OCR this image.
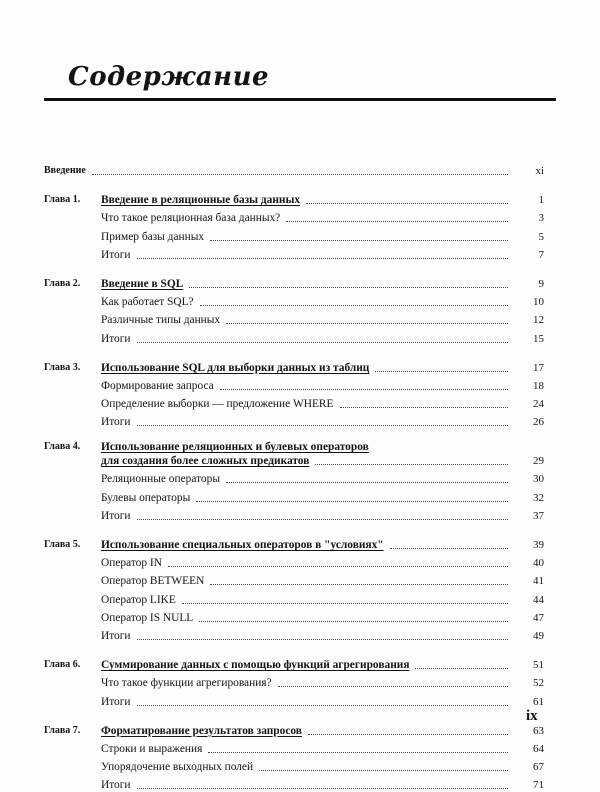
Содержание
Введение	xi
Глава 1.	Введение в реляционные базы данных	1
Что такое реляционная база данных?	3
Пример базы данных	5
Итоги	7
Глава 2.	Введение в SQL	9
Как работает SQL?	10
Различные типы данных	12
Итоги	15
Глава 3.	Использование SQL для выборки данных из таблиц	17
Формирование запроса	18
Определение выборки — предложение WHERE	24
Итоги	26
Глава 4.	Использование реляционных и булевых операторов
для создания более сложных предикатов	29
Реляционные операторы	30
Булевы операторы	32
Итоги	37
Глава 5.	Использование специальных операторов в "условиях"	39
Оператор IN	40
Оператор BETWEEN	41
Оператор LIKE	44
Оператор IS NULL	47
Итоги	49
Глава 6.	Суммирование данных с помощью функций агрегирования	51
Что такое функции агрегирования?	52
Итоги	61
Глава 7.	Форматирование результатов запросов	63
Строки и выражения	64
Упорядочение выходных полей	67
Итоги	71
ix
